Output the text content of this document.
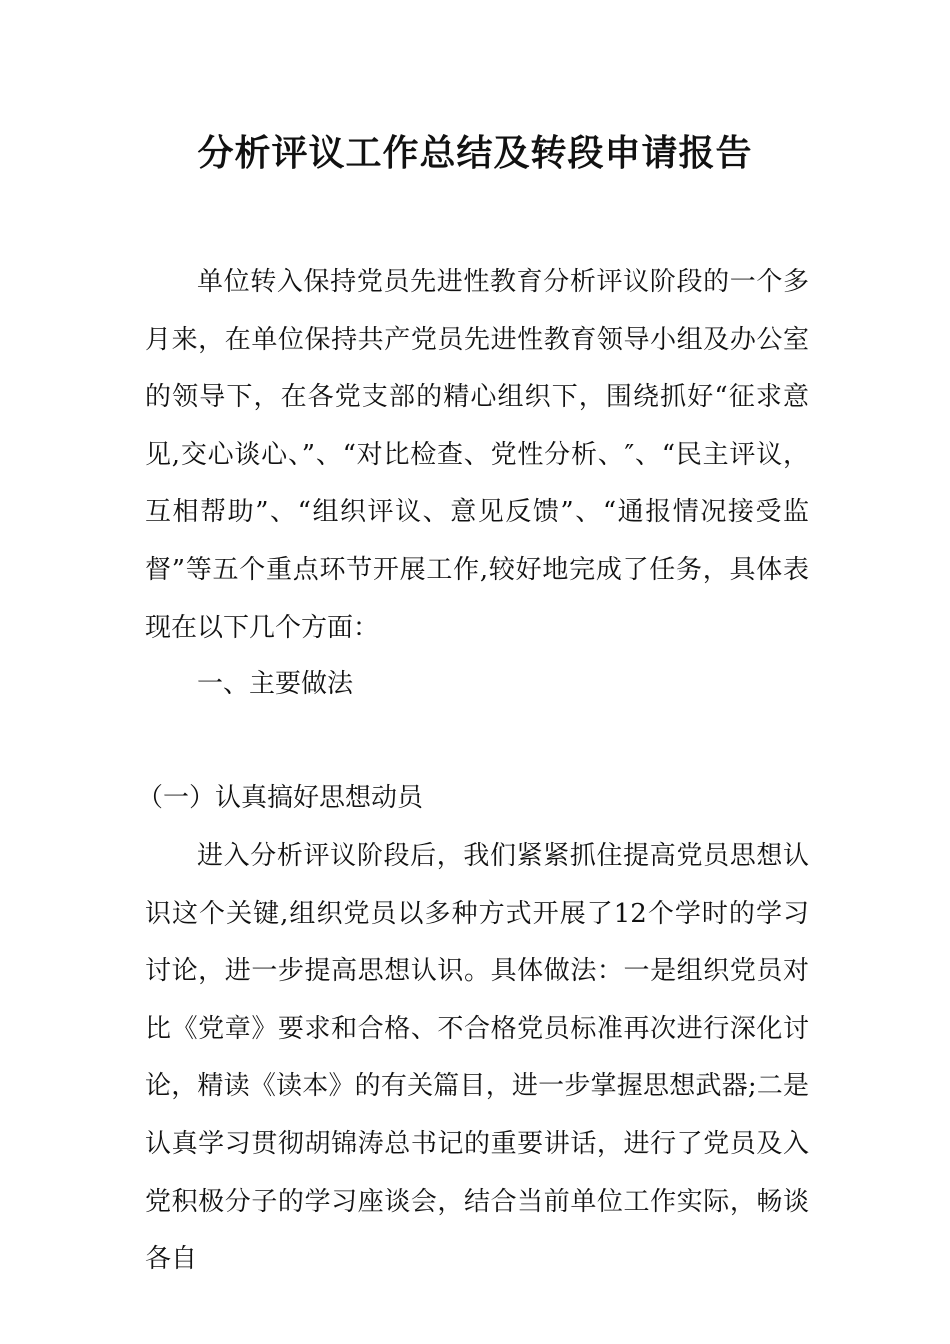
分析评议工作总结及转段申请报告

单位转入保持党员先进性教育分析评议阶段的一个多月来，在单位保持共产党员先进性教育领导小组及办公室的领导下，在各党支部的精心组织下，围绕抓好“征求意见,交心谈心、”、“对比检查、党性分析、″、“民主评议，互相帮助”、“组织评议、意见反馈”、“通报情况接受监督”等五个重点环节开展工作,较好地完成了任务，具体表现在以下几个方面：

一、主要做法

（一）认真搞好思想动员

进入分析评议阶段后，我们紧紧抓住提高党员思想认识这个关键,组织党员以多种方式开展了12个学时的学习讨论，进一步提高思想认识。具体做法：一是组织党员对比《党章》要求和合格、不合格党员标准再次进行深化讨论，精读《读本》的有关篇目，进一步掌握思想武器;二是认真学习贯彻胡锦涛总书记的重要讲话，进行了党员及入党积极分子的学习座谈会，结合当前单位工作实际，畅谈各自
